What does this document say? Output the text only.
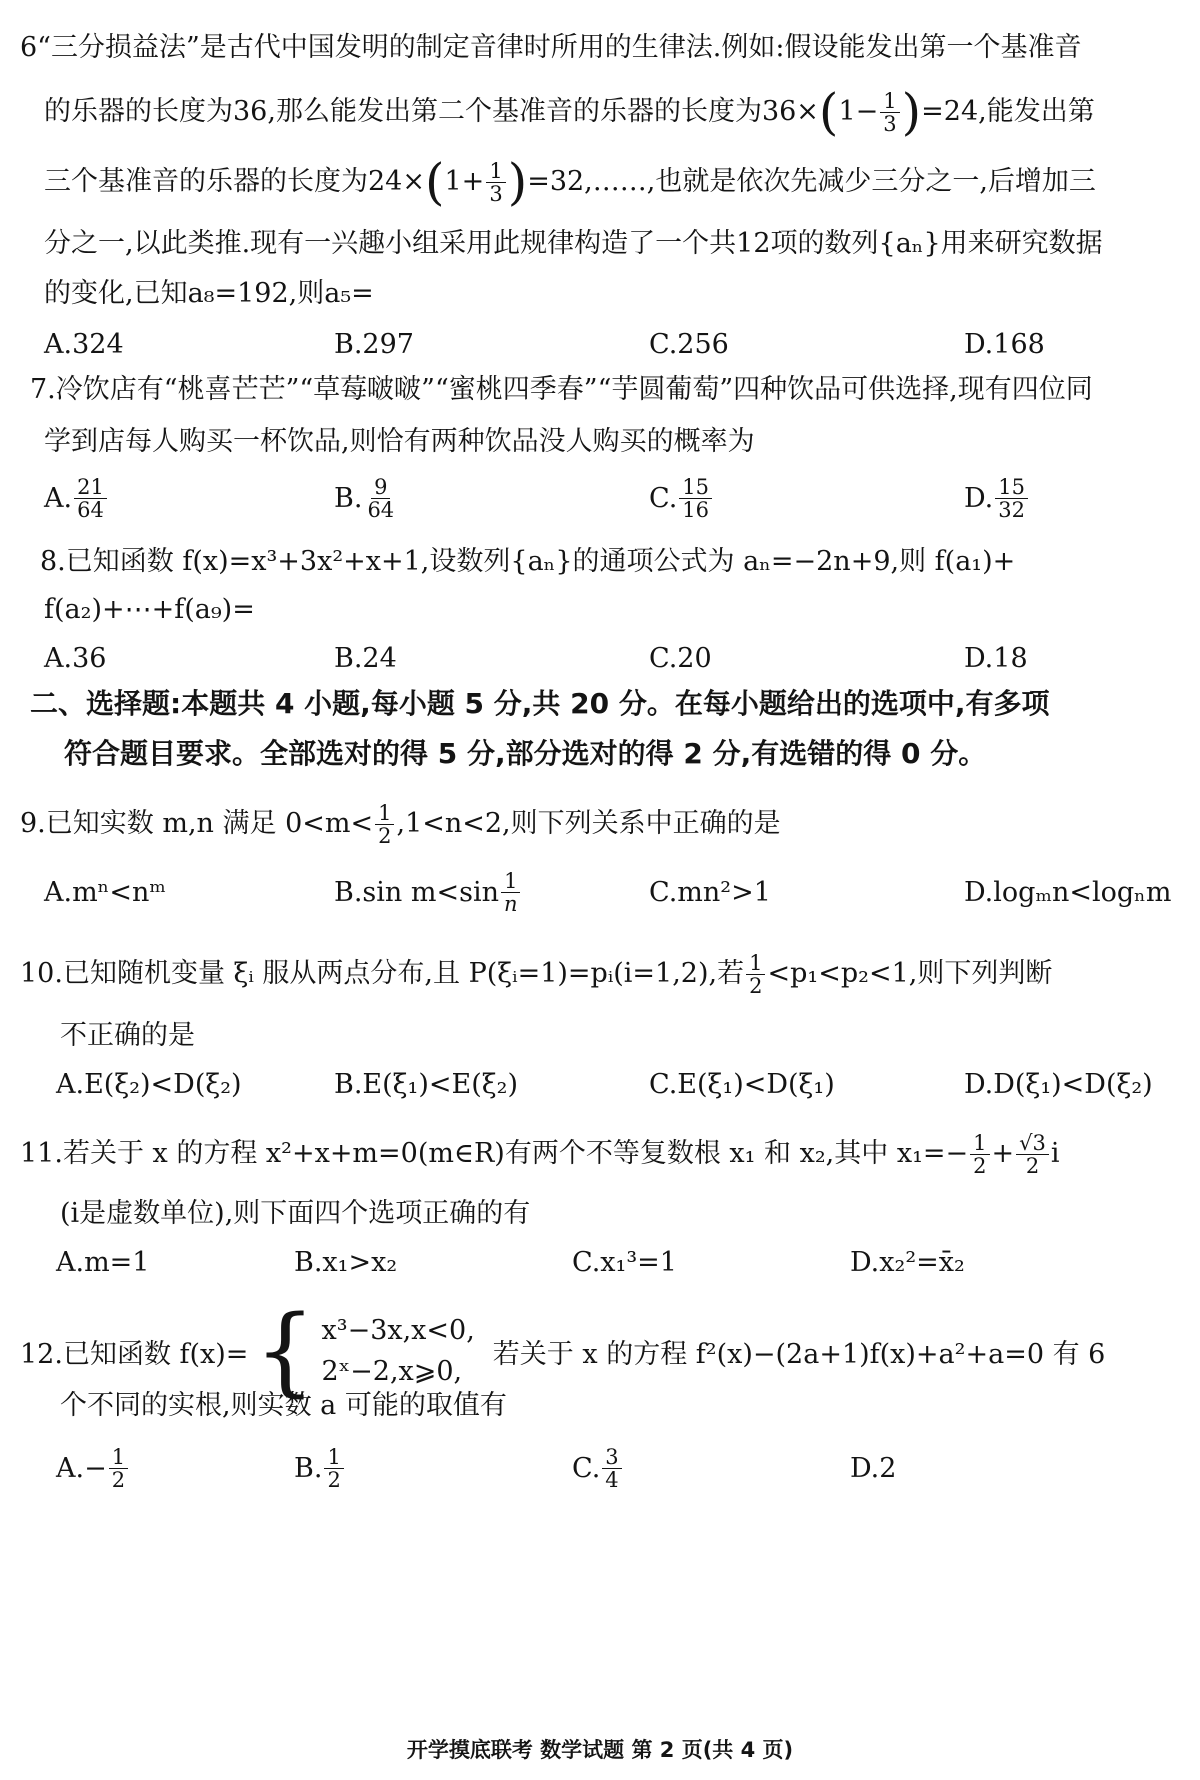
6“三分损益法”是古代中国发明的制定音律时所用的生律法.例如:假设能发出第一个基准音
的乐器的长度为36,那么能发出第二个基准音的乐器的长度为36× ( $1- \frac{1}{3}$ ) =24,能发出第
三个基准音的乐器的长度为24× ( $1+ \frac{1}{3}$ ) =32,……,也就是依次先减少三分之一,后增加三
分之一,以此类推.现有一兴趣小组采用此规律构造了一个共12项的数列{aₙ}用来研究数据
的变化,已知a₈=192,则a₅=
A.324	B.297	C.256	D.168
7.冷饮店有“桃喜芒芒”“草莓啵啵”“蜜桃四季春”“芋圆葡萄”四种饮品可供选择,现有四位同
学到店每人购买一杯饮品,则恰有两种饮品没人购买的概率为
A. $\frac{21}{64}$	B. $\frac{9}{64}$	C. $\frac{15}{16}$	D. $\frac{15}{32}$
8.已知函数 f(x)=x³+3x²+x+1,设数列{aₙ}的通项公式为 aₙ=−2n+9,则 f(a₁)+
f(a₂)+⋯+f(a₉)=
A.36	B.24	C.20	D.18
二、选择题:本题共 4 小题,每小题 5 分,共 20 分。在每小题给出的选项中,有多项
符合题目要求。全部选对的得 5 分,部分选对的得 2 分,有选错的得 0 分。
9.已知实数 m,n 满足 $0<m< \frac{1}{2} ,1<n<2$,则下列关系中正确的是
A.mⁿ<nᵐ	B.sin $m<\sin \frac{1}{n}$	C.mn²>1	D.logₘn<logₙm
10.已知随机变量 ξᵢ 服从两点分布,且 P(ξᵢ=1)=pᵢ(i=1,2),若 $\frac{1}{2} <p_1<p_2<1$,则下列判断
不正确的是
A.E(ξ₂)<D(ξ₂)	B.E(ξ₁)<E(ξ₂)	C.E(ξ₁)<D(ξ₁)	D.D(ξ₁)<D(ξ₂)
11.若关于 x 的方程 x²+x+m=0(m∈R)有两个不等复数根 x₁ 和 x₂,其中 $x_1=- \frac{1}{2} + \frac{√3}{2}$ i
(i是虚数单位),则下面四个选项正确的有
A.m=1	B.x₁>x₂	C.x₁³=1	D.x₂²=x̄₂
12.已知函数 f(x)= { x³−3x,x<0,
2ˣ−2,x⩾0,
若关于 x 的方程 f²(x)−(2a+1)f(x)+a²+a=0 有 6
个不同的实根,则实数 a 可能的取值有
$A.- \frac{1}{2}$	B. $\frac{1}{2}$	C. $\frac{3}{4}$	D.2
开学摸底联考 数学试题 第 2 页(共 4 页)
